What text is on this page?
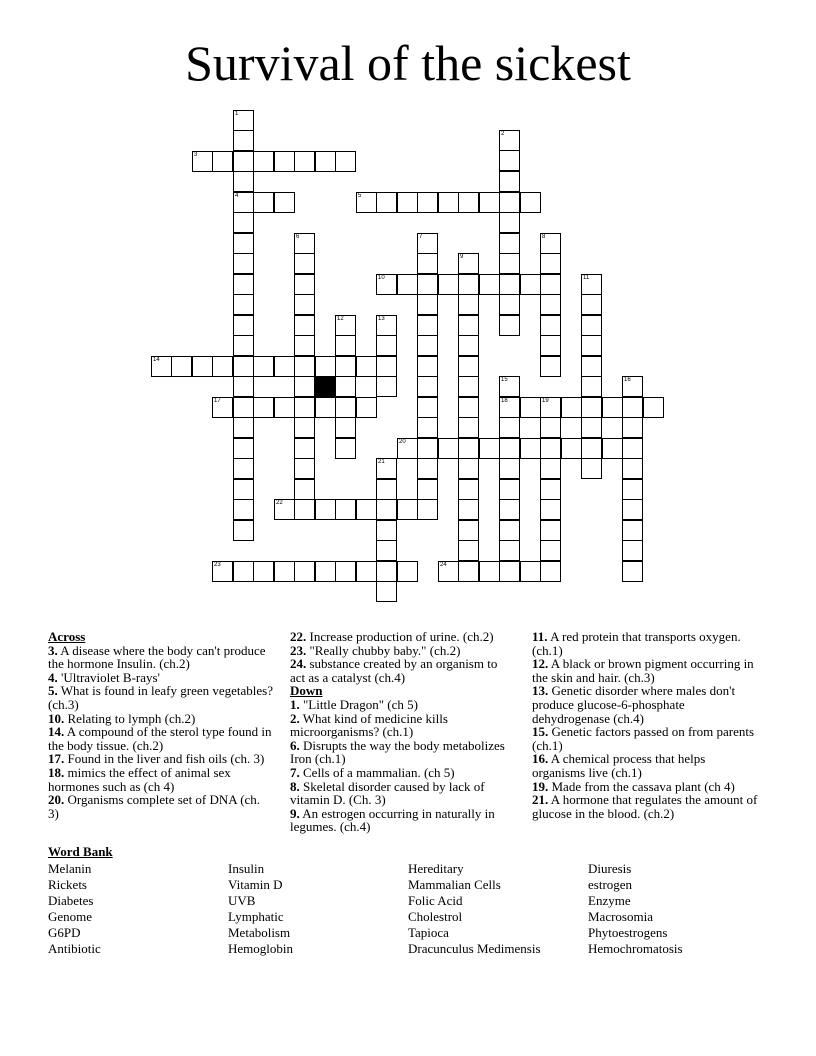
Survival of the sickest
1
2
3
4	5
6	7	8
9
10	11
12	13
14
15	16
17	18	19
20
21
22
23	24
Across
3. A disease where the body can't produce the hormone Insulin. (ch.2)
4. 'Ultraviolet B-rays'
5. What is found in leafy green vegetables? (ch.3)
10. Relating to lymph (ch.2)
14. A compound of the sterol type found in the body tissue. (ch.2)
17. Found in the liver and fish oils (ch. 3)
18. mimics the effect of animal sex hormones such as (ch 4)
20. Organisms complete set of DNA (ch. 3)
22. Increase production of urine. (ch.2)
23. "Really chubby baby." (ch.2)
24. substance created by an organism to act as a catalyst (ch.4)
Down
1. "Little Dragon" (ch 5)
2. What kind of medicine kills microorganisms? (ch.1)
6. Disrupts the way the body metabolizes Iron (ch.1)
7. Cells of a mammalian. (ch 5)
8. Skeletal disorder caused by lack of vitamin D. (Ch. 3)
9. An estrogen occurring in naturally in legumes. (ch.4)
11. A red protein that transports oxygen. (ch.1)
12. A black or brown pigment occurring in the skin and hair. (ch.3)
13. Genetic disorder where males don't produce glucose-6-phosphate dehydrogenase (ch.4)
15. Genetic factors passed on from parents (ch.1)
16. A chemical process that helps organisms live (ch.1)
19. Made from the cassava plant (ch 4)
21. A hormone that regulates the amount of glucose in the blood. (ch.2)
Word Bank
Melanin
Rickets
Diabetes
Genome
G6PD
Antibiotic
Insulin
Vitamin D
UVB
Lymphatic
Metabolism
Hemoglobin
Hereditary
Mammalian Cells
Folic Acid
Cholestrol
Tapioca
Dracunculus Medimensis
Diuresis
estrogen
Enzyme
Macrosomia
Phytoestrogens
Hemochromatosis
